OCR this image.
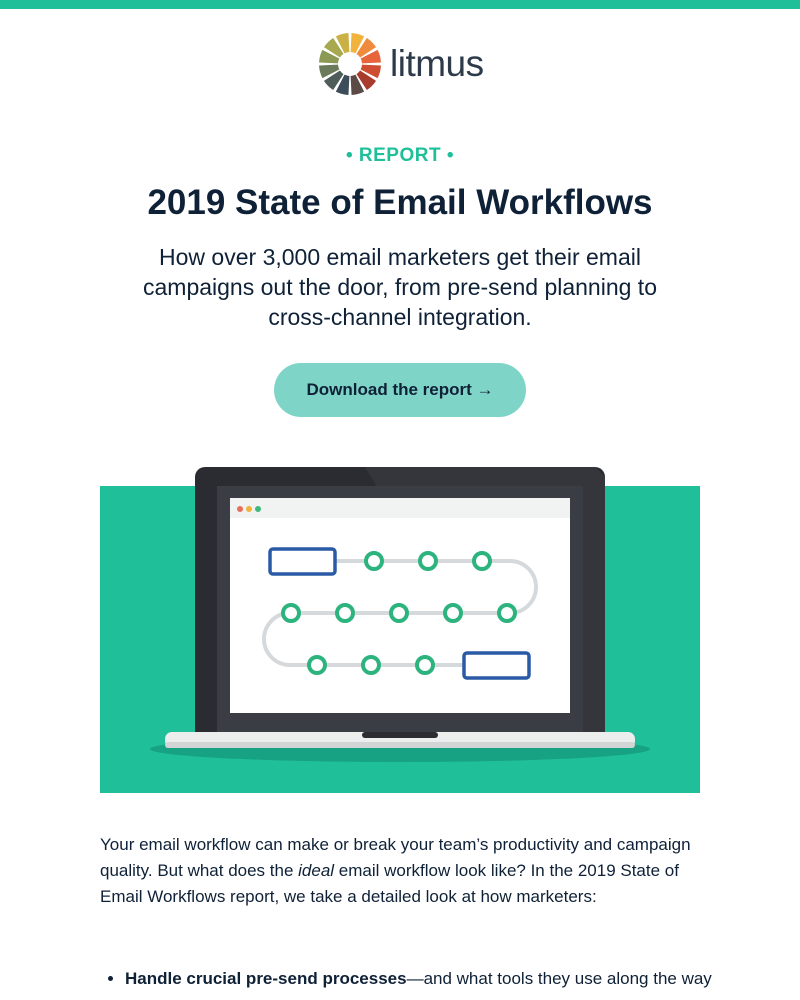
litmus
• REPORT •
2019 State of Email Workflows

How over 3,000 email marketers get their email campaigns out the door, from pre-send planning to cross-channel integration.

Download the report →

Your email workflow can make or break your team’s productivity and campaign quality. But what does the ideal email workflow look like? In the 2019 State of Email Workflows report, we take a detailed look at how marketers:

• Handle crucial pre-send processes—and what tools they use along the way
